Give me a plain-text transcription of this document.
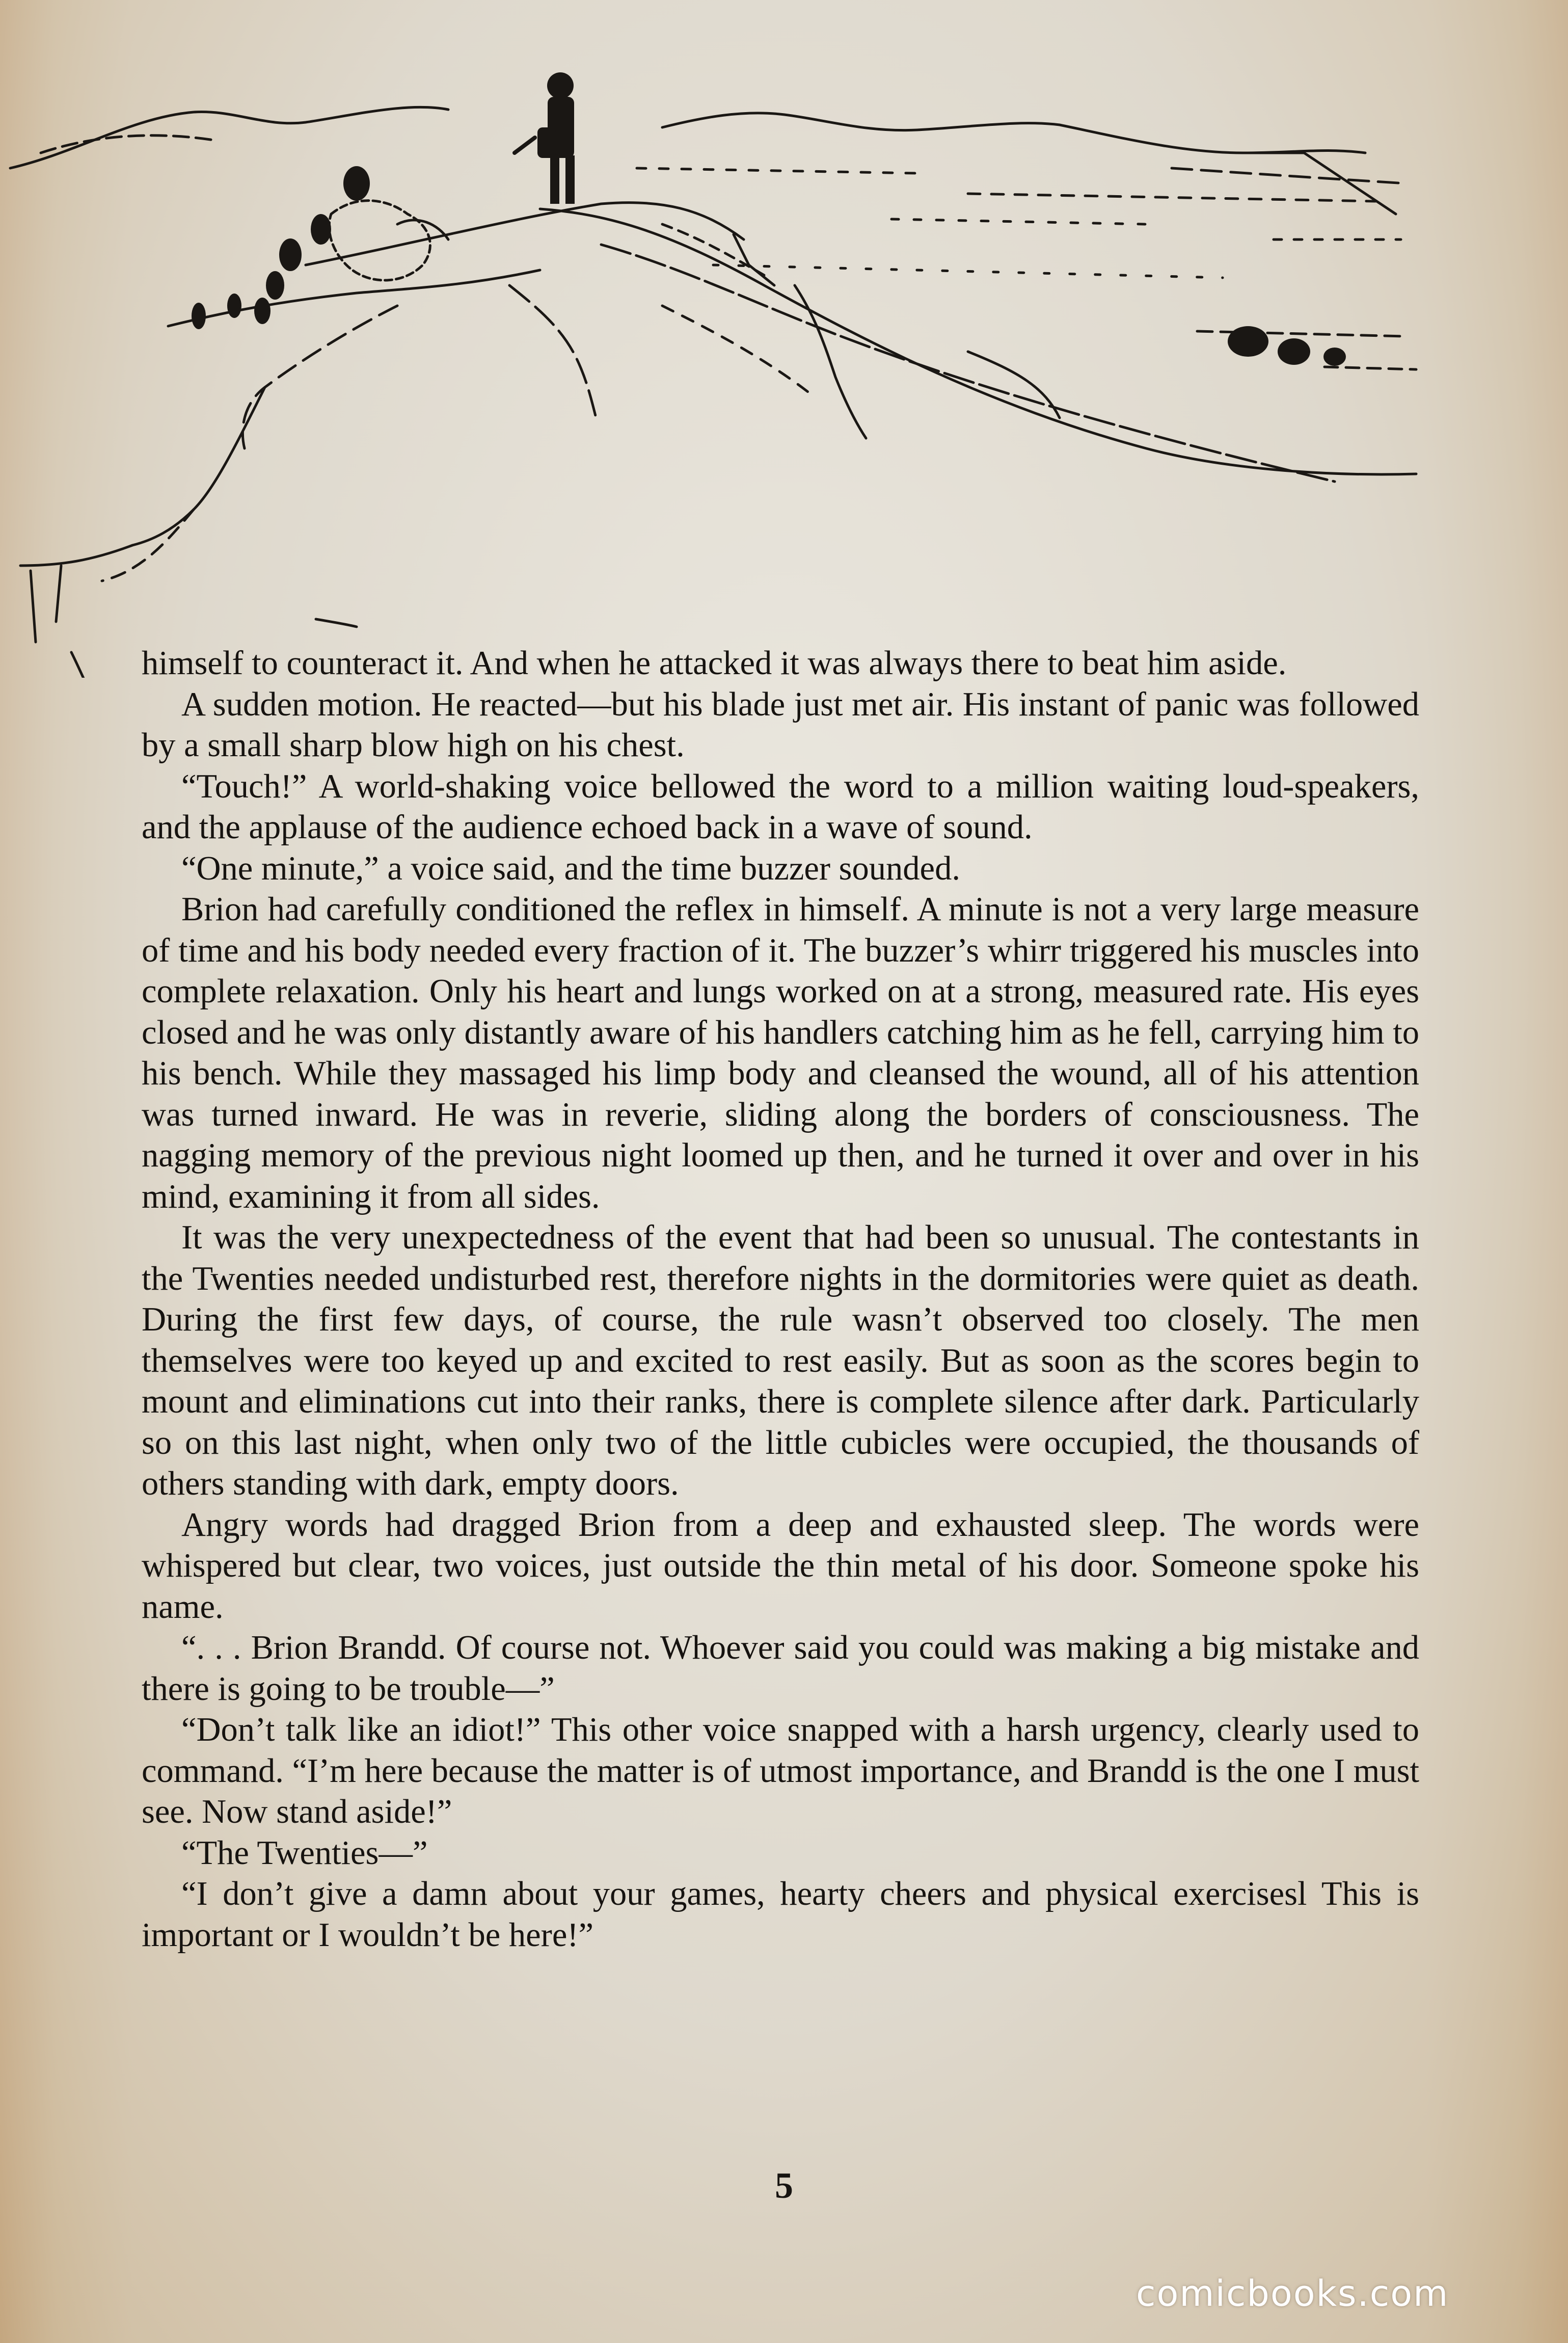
himself to counteract it. And when he attacked it was always there to beat him aside.

A sudden motion. He reacted—but his blade just met air. His instant of panic was followed by a small sharp blow high on his chest.

“Touch!” A world-shaking voice bellowed the word to a million waiting loud-speakers, and the applause of the audience echoed back in a wave of sound.

“One minute,” a voice said, and the time buzzer sounded.

Brion had carefully conditioned the reflex in himself. A minute is not a very large measure of time and his body needed every fraction of it. The buzzer’s whirr triggered his muscles into complete relaxation. Only his heart and lungs worked on at a strong, measured rate. His eyes closed and he was only distantly aware of his handlers catching him as he fell, carrying him to his bench. While they massaged his limp body and cleansed the wound, all of his attention was turned inward. He was in reverie, sliding along the borders of consciousness. The nagging memory of the previous night loomed up then, and he turned it over and over in his mind, examining it from all sides.

It was the very unexpectedness of the event that had been so unusual. The contestants in the Twenties needed undisturbed rest, therefore nights in the dormitories were quiet as death. During the first few days, of course, the rule wasn’t observed too closely. The men themselves were too keyed up and excited to rest easily. But as soon as the scores begin to mount and eliminations cut into their ranks, there is complete silence after dark. Particularly so on this last night, when only two of the little cubicles were occupied, the thousands of others standing with dark, empty doors.

Angry words had dragged Brion from a deep and exhausted sleep. The words were whispered but clear, two voices, just outside the thin metal of his door. Someone spoke his name.

“. . . Brion Brandd. Of course not. Whoever said you could was making a big mistake and there is going to be trouble—”

“Don’t talk like an idiot!” This other voice snapped with a harsh urgency, clearly used to command. “I’m here because the matter is of utmost importance, and Brandd is the one I must see. Now stand aside!”

“The Twenties—”

“I don’t give a damn about your games, hearty cheers and physical exercisesl This is important or I wouldn’t be here!”

5
comicbooks.com
